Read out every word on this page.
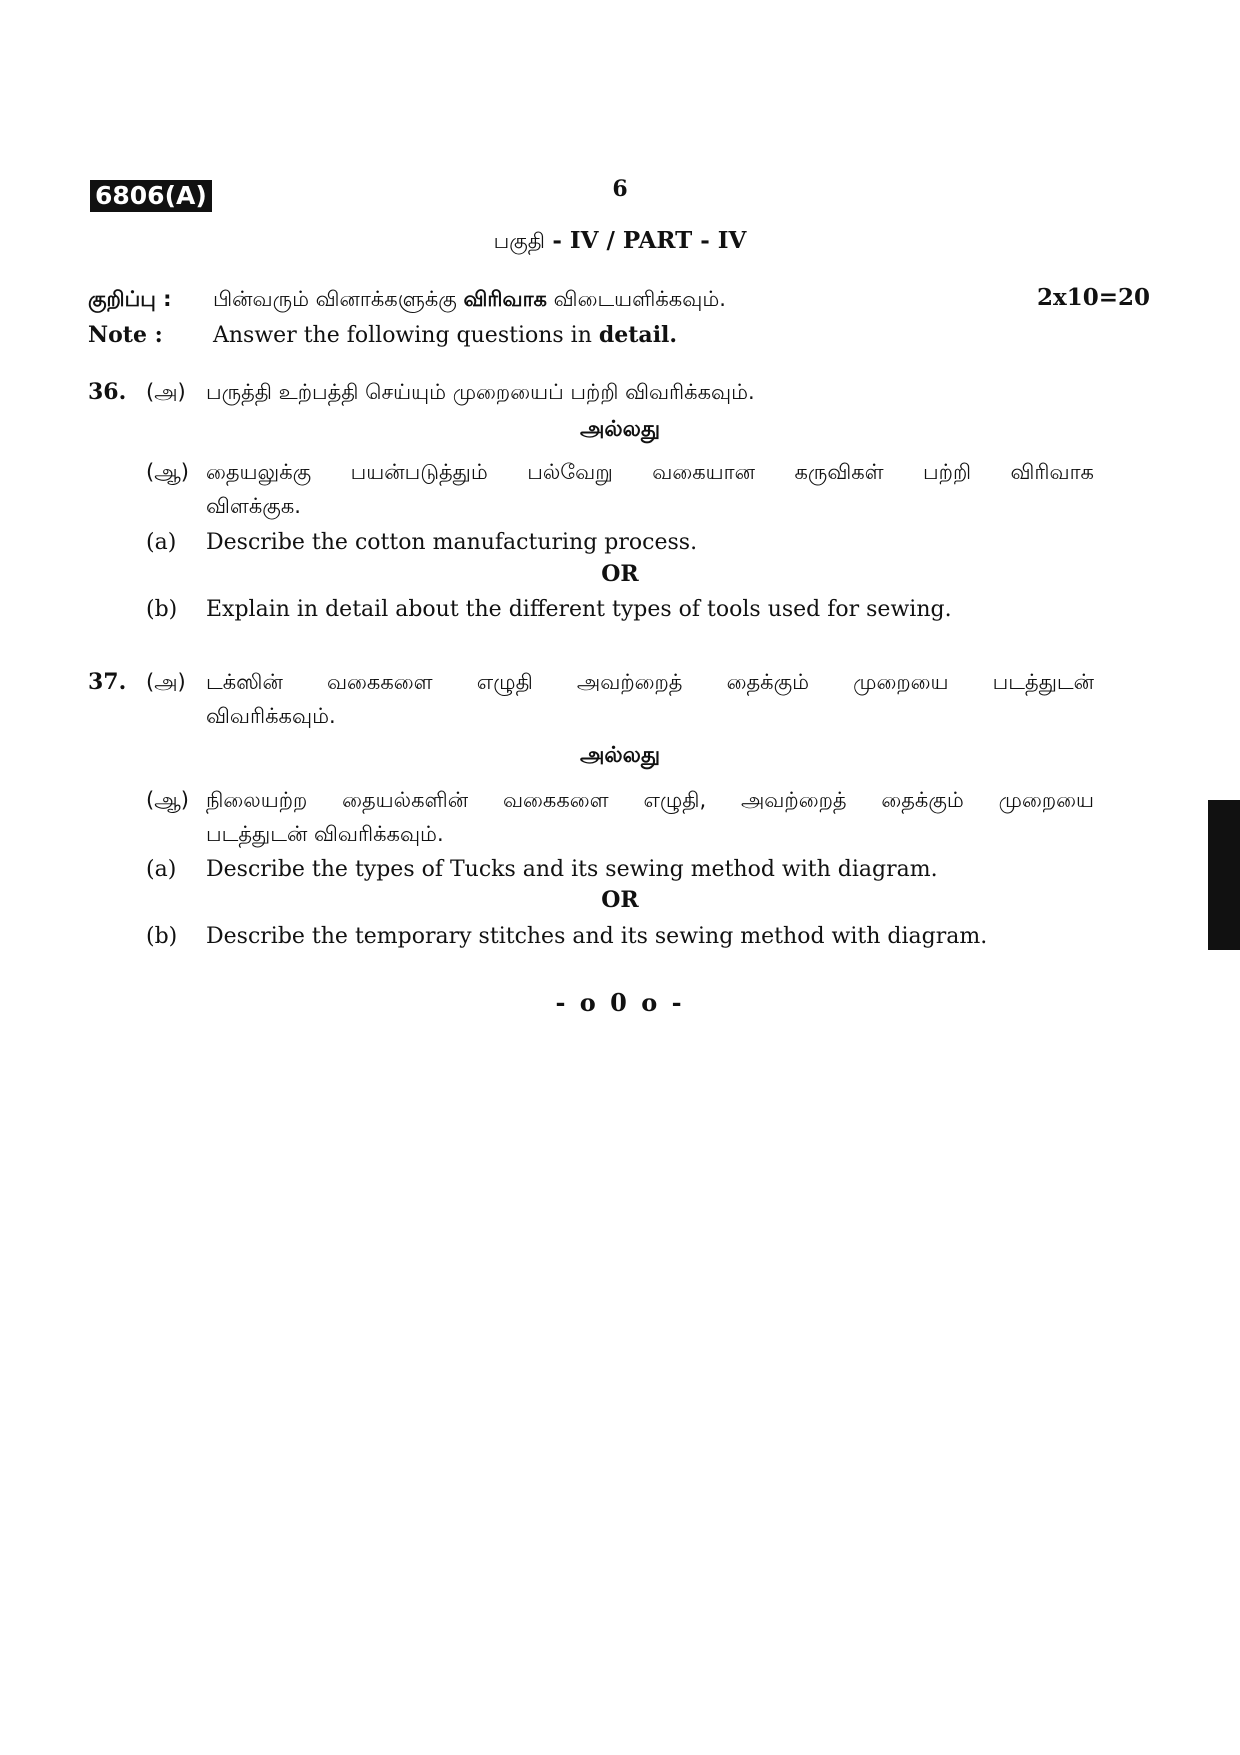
6806(A)	6
பகுதி - IV / PART - IV
குறிப்பு : பின்வரும் வினாக்களுக்கு விரிவாக விடையளிக்கவும்.	2x10=20
Note : Answer the following questions in detail.
36. (அ) பருத்தி உற்பத்தி செய்யும் முறையைப் பற்றி விவரிக்கவும்.
அல்லது
(ஆ) தையலுக்கு பயன்படுத்தும் பல்வேறு வகையான கருவிகள் பற்றி விரிவாக
விளக்குக.
(a) Describe the cotton manufacturing process.
OR
(b) Explain in detail about the different types of tools used for sewing.
37. (அ) டக்ஸின் வகைகளை எழுதி அவற்றைத் தைக்கும் முறையை படத்துடன்
விவரிக்கவும்.
அல்லது
(ஆ) நிலையற்ற தையல்களின் வகைகளை எழுதி, அவற்றைத் தைக்கும் முறையை
படத்துடன் விவரிக்கவும்.
(a) Describe the types of Tucks and its sewing method with diagram.
OR
(b) Describe the temporary stitches and its sewing method with diagram.
- o 0 o -
